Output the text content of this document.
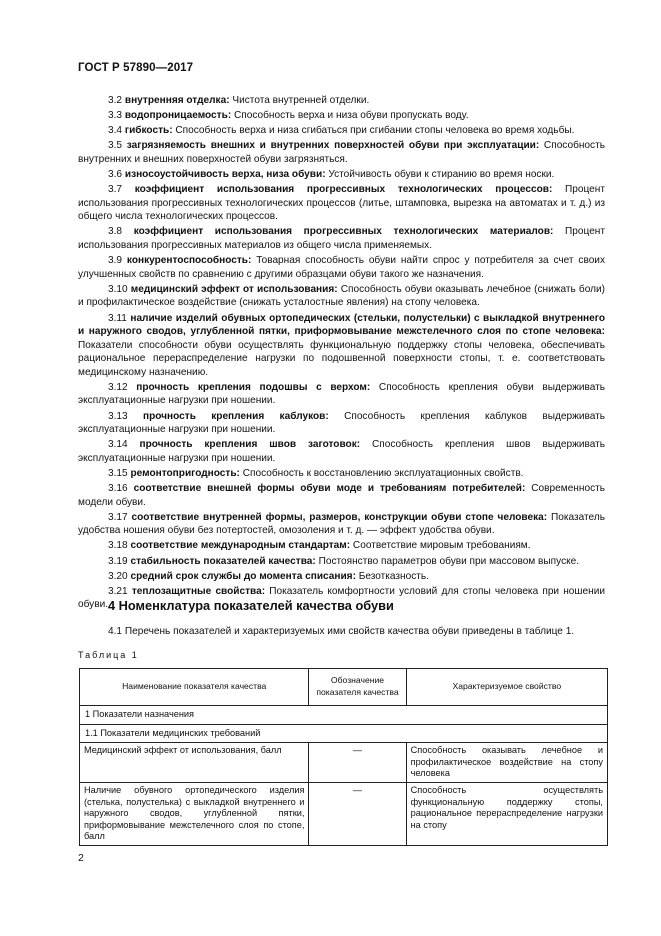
ГОСТ Р 57890—2017

3.2 внутренняя отделка: Чистота внутренней отделки.

3.3 водопроницаемость: Способность верха и низа обуви пропускать воду.

3.4 гибкость: Способность верха и низа сгибаться при сгибании стопы человека во время ходьбы.

3.5 загрязняемость внешних и внутренних поверхностей обуви при эксплуатации: Способность внутренних и внешних поверхностей обуви загрязняться.

3.6 износоустойчивость верха, низа обуви: Устойчивость обуви к стиранию во время носки.

3.7 коэффициент использования прогрессивных технологических процессов: Процент использования прогрессивных технологических процессов (литье, штамповка, вырезка на автоматах и т. д.) из общего числа технологических процессов.

3.8 коэффициент использования прогрессивных технологических материалов: Процент использования прогрессивных материалов из общего числа применяемых.

3.9 конкурентоспособность: Товарная способность обуви найти спрос у потребителя за счет своих улучшенных свойств по сравнению с другими образцами обуви такого же назначения.

3.10 медицинский эффект от использования: Способность обуви оказывать лечебное (снижать боли) и профилактическое воздействие (снижать усталостные явления) на стопу человека.

3.11 наличие изделий обувных ортопедических (стельки, полустельки) с выкладкой внутреннего и наружного сводов, углубленной пятки, приформовывание межстелечного слоя по стопе человека: Показатели способности обуви осуществлять функциональную поддержку стопы человека, обеспечивать рациональное перераспределение нагрузки по подошвенной поверхности стопы, т. е. соответствовать медицинскому назначению.

3.12 прочность крепления подошвы с верхом: Способность крепления обуви выдерживать эксплуатационные нагрузки при ношении.

3.13 прочность крепления каблуков: Способность крепления каблуков выдерживать эксплуатационные нагрузки при ношении.

3.14 прочность крепления швов заготовок: Способность крепления швов выдерживать эксплуатационные нагрузки при ношении.

3.15 ремонтопригодность: Способность к восстановлению эксплуатационных свойств.

3.16 соответствие внешней формы обуви моде и требованиям потребителей: Современность модели обуви.

3.17 соответствие внутренней формы, размеров, конструкции обуви стопе человека: Показатель удобства ношения обуви без потертостей, омозоления и т. д. — эффект удобства обуви.

3.18 соответствие международным стандартам: Соответствие мировым требованиям.

3.19 стабильность показателей качества: Постоянство параметров обуви при массовом выпуске.

3.20 средний срок службы до момента списания: Безотказность.

3.21 теплозащитные свойства: Показатель комфортности условий для стопы человека при ношении обуви. 4 Номенклатура показателей качества обуви
4.1 Перечень показателей и характеризуемых ими свойств качества обуви приведены в таблице 1.
Таблица 1
Наименование показателя качества	Обозначение показателя качества	Характеризуемое свойство
1 Показатели назначения		
1.1 Показатели медицинских требований		
Медицинский эффект от использования, балл	—	Способность оказывать лечебное и профилактическое воздействие на стопу человека
Наличие обувного ортопедического изделия (стелька, полустелька) с выкладкой внутреннего и наружного сводов, углубленной пятки, приформовывание межстелечного слоя по стопе, балл	—	Способность осуществлять функциональную поддержку стопы, рациональное перераспределение нагрузки на стопу
2
